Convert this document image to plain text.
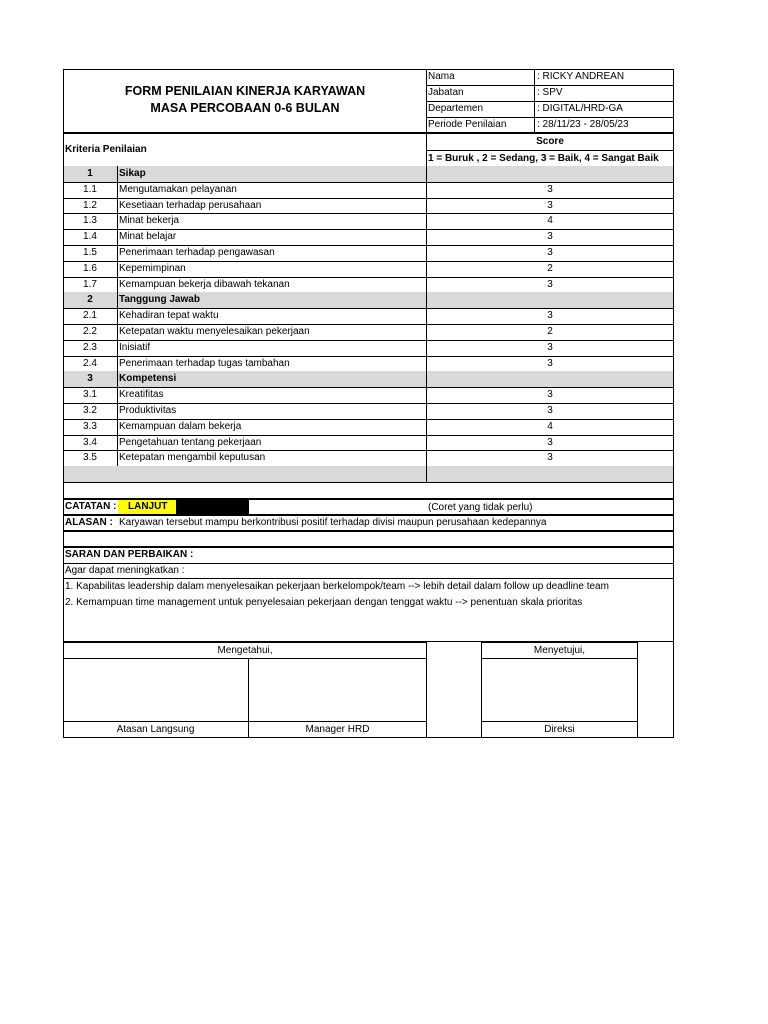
FORM PENILAIAN KINERJA KARYAWAN
MASA PERCOBAAN 0-6 BULAN
Nama	: RICKY ANDREAN
Jabatan	: SPV
Departemen	: DIGITAL/HRD-GA
Periode Penilaian	: 28/11/23 - 28/05/23
Kriteria Penilaian
Score
1 = Buruk , 2 = Sedang, 3 = Baik, 4 = Sangat Baik
1	Sikap
1.1	Mengutamakan pelayanan	3
1.2	Kesetiaan terhadap perusahaan	3
1.3	Minat bekerja	4
1.4	Minat belajar	3
1.5	Penerimaan terhadap pengawasan	3
1.6	Kepemimpinan	2
1.7	Kemampuan bekerja dibawah tekanan	3
2	Tanggung Jawab
2.1	Kehadiran tepat waktu	3
2.2	Ketepatan waktu menyelesaikan pekerjaan	2
2.3	Inisiatif	3
2.4	Penerimaan terhadap tugas tambahan	3
3	Kompetensi
3.1	Kreatifitas	3
3.2	Produktivitas	3
3.3	Kemampuan dalam bekerja	4
3.4	Pengetahuan tentang pekerjaan	3
3.5	Ketepatan mengambil keputusan	3
CATATAN : LANJUT	(Coret yang tidak perlu)
ALASAN : Karyawan tersebut mampu berkontribusi positif terhadap divisi maupun perusahaan kedepannya
SARAN DAN PERBAIKAN :
Agar dapat meningkatkan :
1. Kapabilitas leadership dalam menyelesaikan pekerjaan berkelompok/team --> lebih detail dalam follow up deadline team
2. Kemampuan time management untuk penyelesaian pekerjaan dengan tenggat waktu --> penentuan skala prioritas
Mengetahui,
Atasan Langsung	Manager HRD
Menyetujui,
Direksi
